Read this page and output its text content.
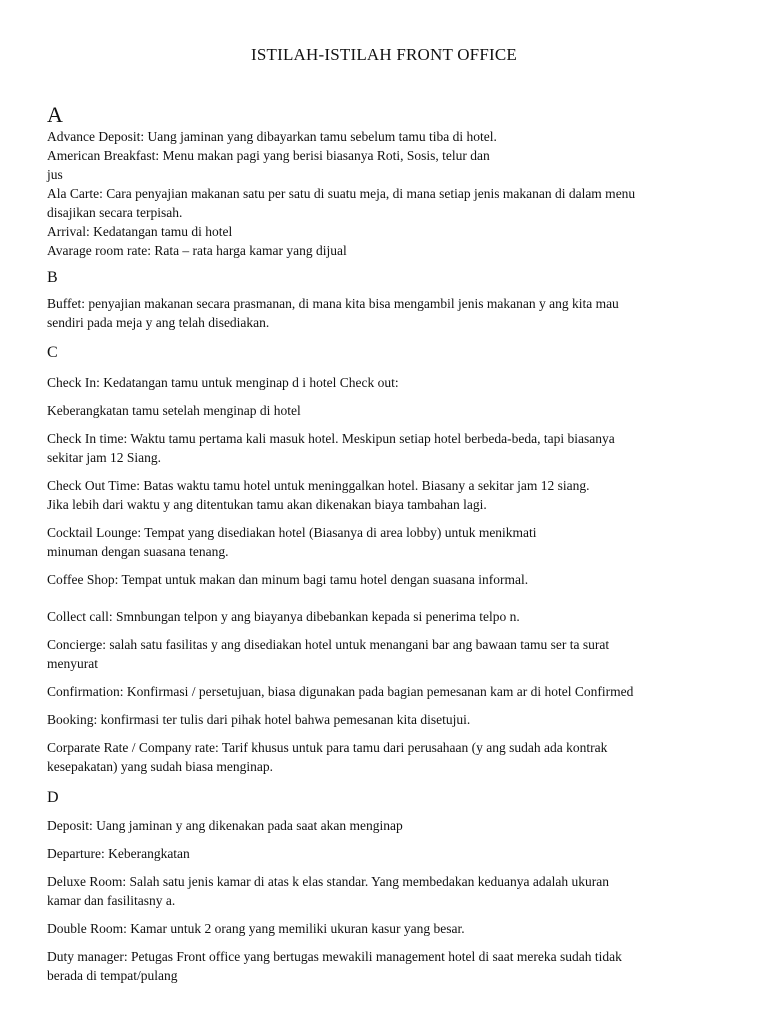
ISTILAH-ISTILAH FRONT OFFICE
A

Advance Deposit: Uang jaminan yang dibayarkan tamu sebelum tamu tiba di hotel.

American Breakfast: Menu makan pagi yang berisi biasanya Roti, Sosis, telur dan
jus

Ala Carte: Cara penyajian makanan satu per satu di suatu meja, di mana setiap jenis makanan di dalam menu
disajikan secara terpisah.

Arrival: Kedatangan tamu di hotel

Avarage room rate: Rata – rata harga kamar yang dijual

B

Buffet: penyajian makanan secara prasmanan, di mana kita bisa mengambil jenis makanan y ang kita mau
sendiri pada meja y ang telah disediakan.

C

Check In: Kedatangan tamu untuk menginap d i hotel Check out:

Keberangkatan tamu setelah menginap di hotel

Check In time: Waktu tamu pertama kali masuk hotel. Meskipun setiap hotel berbeda-beda, tapi biasanya
sekitar jam 12 Siang.

Check Out Time: Batas waktu tamu hotel untuk meninggalkan hotel. Biasany a sekitar jam 12 siang.
Jika lebih dari waktu y ang ditentukan tamu akan dikenakan biaya tambahan lagi.

Cocktail Lounge: Tempat yang disediakan hotel (Biasanya di area lobby) untuk menikmati
minuman dengan suasana tenang.

Coffee Shop: Tempat untuk makan dan minum bagi tamu hotel dengan suasana informal.

Collect call: Smnbungan telpon y ang biayanya dibebankan kepada si penerima telpo n.

Concierge: salah satu fasilitas y ang disediakan hotel untuk menangani bar ang bawaan tamu ser ta surat
menyurat

Confirmation: Konfirmasi / persetujuan, biasa digunakan pada bagian pemesanan kam ar di hotel Confirmed

Booking: konfirmasi ter tulis dari pihak hotel bahwa pemesanan kita disetujui.

Corparate Rate / Company rate: Tarif khusus untuk para tamu dari perusahaan (y ang sudah ada kontrak
kesepakatan) yang sudah biasa menginap.

D

Deposit: Uang jaminan y ang dikenakan pada saat akan menginap

Departure: Keberangkatan

Deluxe Room: Salah satu jenis kamar di atas k elas standar. Yang membedakan keduanya adalah ukuran
kamar dan fasilitasny a.

Double Room: Kamar untuk 2 orang yang memiliki ukuran kasur yang besar.

Duty manager: Petugas Front office yang bertugas mewakili management hotel di saat mereka sudah tidak
berada di tempat/pulang
